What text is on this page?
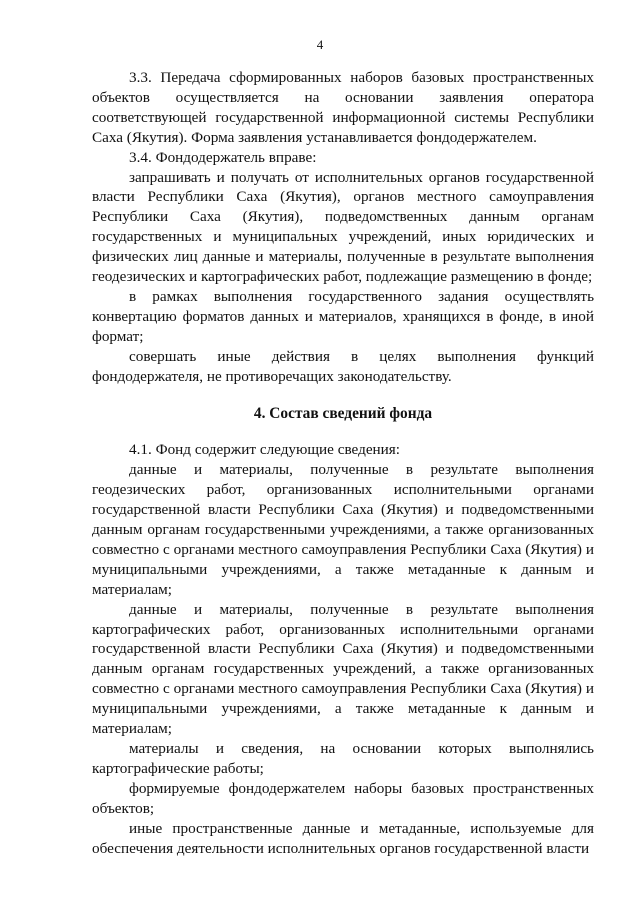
4

3.3. Передача сформированных наборов базовых пространственных объектов осуществляется на основании заявления оператора соответствующей государственной информационной системы Республики Саха (Якутия). Форма заявления устанавливается фондодержателем.

3.4. Фондодержатель вправе:

запрашивать и получать от исполнительных органов государственной власти Республики Саха (Якутия), органов местного самоуправления Республики Саха (Якутия), подведомственных данным органам государственных и муниципальных учреждений, иных юридических и физических лиц данные и материалы, полученные в результате выполнения геодезических и картографических работ, подлежащие размещению в фонде;

в рамках выполнения государственного задания осуществлять конвертацию форматов данных и материалов, хранящихся в фонде, в иной формат;

совершать иные действия в целях выполнения функций фондодержателя, не противоречащих законодательству.

4. Состав сведений фонда

4.1. Фонд содержит следующие сведения:

данные и материалы, полученные в результате выполнения геодезических работ, организованных исполнительными органами государственной власти Республики Саха (Якутия) и подведомственными данным органам государственными учреждениями, а также организованных совместно с органами местного самоуправления Республики Саха (Якутия) и муниципальными учреждениями, а также метаданные к данным и материалам;

данные и материалы, полученные в результате выполнения картографических работ, организованных исполнительными органами государственной власти Республики Саха (Якутия) и подведомственными данным органам государственных учреждений, а также организованных совместно с органами местного самоуправления Республики Саха (Якутия) и муниципальными учреждениями, а также метаданные к данным и материалам;

материалы и сведения, на основании которых выполнялись картографические работы;

формируемые фондодержателем наборы базовых пространственных объектов;

иные пространственные данные и метаданные, используемые для обеспечения деятельности исполнительных органов государственной власти
